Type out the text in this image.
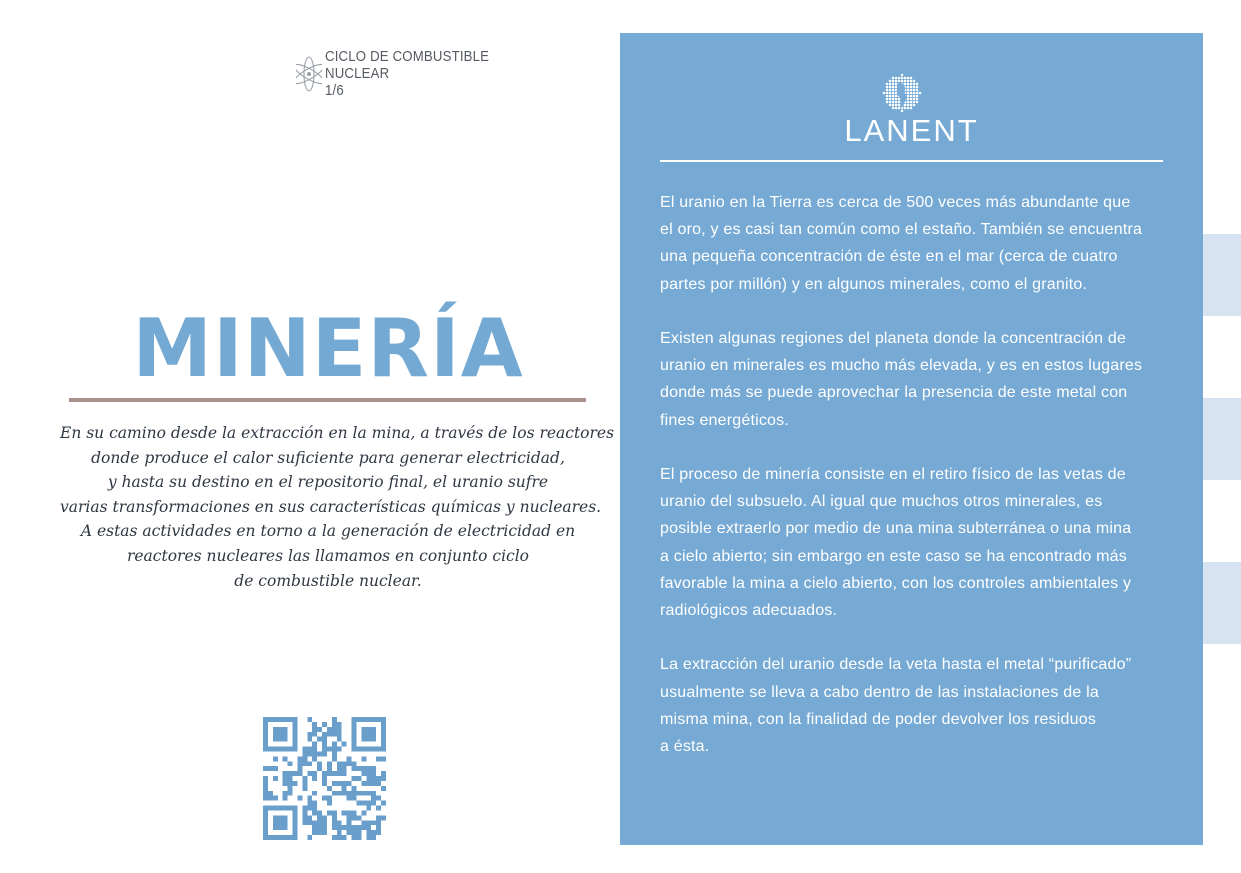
CICLO DE COMBUSTIBLE
NUCLEAR
1/6
MINERÍA
En su camino desde la extracción en la mina, a través de los reactores
donde produce el calor suficiente para generar electricidad,
y hasta su destino en el repositorio final, el uranio sufre
varias transformaciones en sus características químicas y nucleares.
A estas actividades en torno a la generación de electricidad en
reactores nucleares las llamamos en conjunto ciclo
de combustible nuclear.
LANENT

El uranio en la Tierra es cerca de 500 veces más abundante que
el oro, y es casi tan común como el estaño. También se encuentra
una pequeña concentración de éste en el mar (cerca de cuatro
partes por millón) y en algunos minerales, como el granito.

Existen algunas regiones del planeta donde la concentración de
uranio en minerales es mucho más elevada, y es en estos lugares
donde más se puede aprovechar la presencia de este metal con
fines energéticos.

El proceso de minería consiste en el retiro físico de las vetas de
uranio del subsuelo. Al igual que muchos otros minerales, es
posible extraerlo por medio de una mina subterránea o una mina
a cielo abierto; sin embargo en este caso se ha encontrado más
favorable la mina a cielo abierto, con los controles ambientales y
radiológicos adecuados.

La extracción del uranio desde la veta hasta el metal “purificado”
usualmente se lleva a cabo dentro de las instalaciones de la
misma mina, con la finalidad de poder devolver los residuos
a ésta.
